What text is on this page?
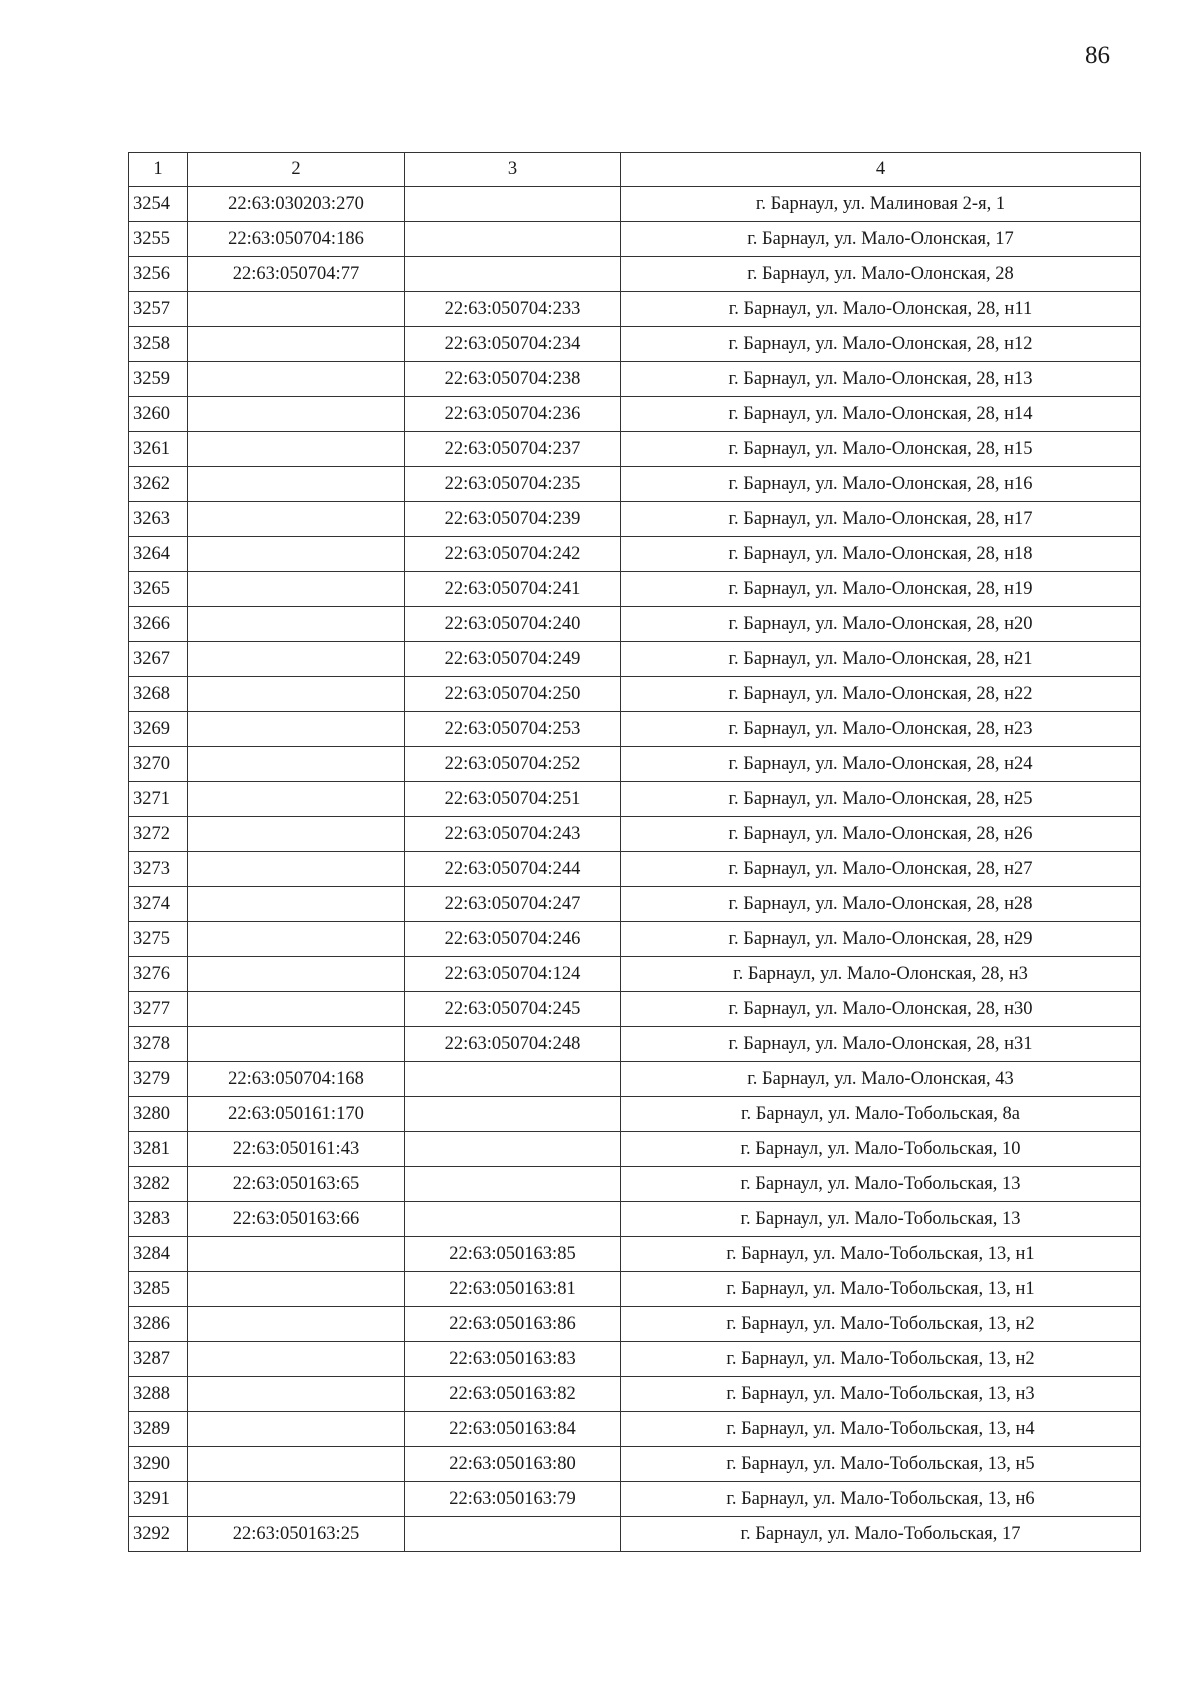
86
1	2	3	4
3254	22:63:030203:270		г. Барнаул, ул. Малиновая 2-я, 1
3255	22:63:050704:186		г. Барнаул, ул. Мало-Олонская, 17
3256	22:63:050704:77		г. Барнаул, ул. Мало-Олонская, 28
3257		22:63:050704:233	г. Барнаул, ул. Мало-Олонская, 28, н11
3258		22:63:050704:234	г. Барнаул, ул. Мало-Олонская, 28, н12
3259		22:63:050704:238	г. Барнаул, ул. Мало-Олонская, 28, н13
3260		22:63:050704:236	г. Барнаул, ул. Мало-Олонская, 28, н14
3261		22:63:050704:237	г. Барнаул, ул. Мало-Олонская, 28, н15
3262		22:63:050704:235	г. Барнаул, ул. Мало-Олонская, 28, н16
3263		22:63:050704:239	г. Барнаул, ул. Мало-Олонская, 28, н17
3264		22:63:050704:242	г. Барнаул, ул. Мало-Олонская, 28, н18
3265		22:63:050704:241	г. Барнаул, ул. Мало-Олонская, 28, н19
3266		22:63:050704:240	г. Барнаул, ул. Мало-Олонская, 28, н20
3267		22:63:050704:249	г. Барнаул, ул. Мало-Олонская, 28, н21
3268		22:63:050704:250	г. Барнаул, ул. Мало-Олонская, 28, н22
3269		22:63:050704:253	г. Барнаул, ул. Мало-Олонская, 28, н23
3270		22:63:050704:252	г. Барнаул, ул. Мало-Олонская, 28, н24
3271		22:63:050704:251	г. Барнаул, ул. Мало-Олонская, 28, н25
3272		22:63:050704:243	г. Барнаул, ул. Мало-Олонская, 28, н26
3273		22:63:050704:244	г. Барнаул, ул. Мало-Олонская, 28, н27
3274		22:63:050704:247	г. Барнаул, ул. Мало-Олонская, 28, н28
3275		22:63:050704:246	г. Барнаул, ул. Мало-Олонская, 28, н29
3276		22:63:050704:124	г. Барнаул, ул. Мало-Олонская, 28, н3
3277		22:63:050704:245	г. Барнаул, ул. Мало-Олонская, 28, н30
3278		22:63:050704:248	г. Барнаул, ул. Мало-Олонская, 28, н31
3279	22:63:050704:168		г. Барнаул, ул. Мало-Олонская, 43
3280	22:63:050161:170		г. Барнаул, ул. Мало-Тобольская, 8а
3281	22:63:050161:43		г. Барнаул, ул. Мало-Тобольская, 10
3282	22:63:050163:65		г. Барнаул, ул. Мало-Тобольская, 13
3283	22:63:050163:66		г. Барнаул, ул. Мало-Тобольская, 13
3284		22:63:050163:85	г. Барнаул, ул. Мало-Тобольская, 13, н1
3285		22:63:050163:81	г. Барнаул, ул. Мало-Тобольская, 13, н1
3286		22:63:050163:86	г. Барнаул, ул. Мало-Тобольская, 13, н2
3287		22:63:050163:83	г. Барнаул, ул. Мало-Тобольская, 13, н2
3288		22:63:050163:82	г. Барнаул, ул. Мало-Тобольская, 13, н3
3289		22:63:050163:84	г. Барнаул, ул. Мало-Тобольская, 13, н4
3290		22:63:050163:80	г. Барнаул, ул. Мало-Тобольская, 13, н5
3291		22:63:050163:79	г. Барнаул, ул. Мало-Тобольская, 13, н6
3292	22:63:050163:25		г. Барнаул, ул. Мало-Тобольская, 17
